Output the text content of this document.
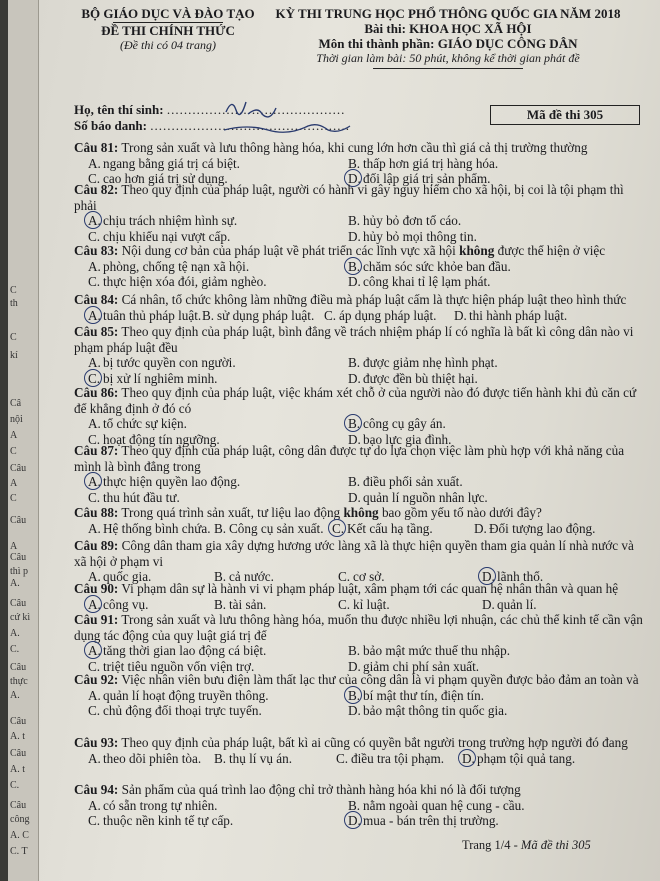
C
th
C
kí
Câ
nội
A
C
Câu
A
C
Câu
A
Câu
thì p
A.
Câu
cứ kì
A.
C.
Câu
thực
A.
Câu
A. t
Câu
A. t
C.
Câu
công
A. C
C. T
BỘ GIÁO DỤC VÀ ĐÀO TẠO
ĐỀ THI CHÍNH THỨC
(Đề thi có 04 trang)
KỲ THI TRUNG HỌC PHỔ THÔNG QUỐC GIA NĂM 2018
Bài thi: KHOA HỌC XÃ HỘI
Môn thi thành phần: GIÁO DỤC CÔNG DÂN
Thời gian làm bài: 50 phút, không kể thời gian phát đề
Họ, tên thí sinh: ..........................................
Số báo danh: ...............................................
Mã đề thi 305
Câu 81: Trong sản xuất và lưu thông hàng hóa, khi cung lớn hơn cầu thì giá cả thị trường thường
A. ngang bằng giá trị cá biệt.	B. thấp hơn giá trị hàng hóa.
C. cao hơn giá trị sử dụng.	D. đối lập giá trị sản phẩm.
Câu 82: Theo quy định của pháp luật, người có hành vi gây nguy hiểm cho xã hội, bị coi là tội phạm thì phải
A. chịu trách nhiệm hình sự.	B. hủy bỏ đơn tố cáo.
C. chịu khiếu nại vượt cấp.	D. hủy bỏ mọi thông tin.
Câu 83: Nội dung cơ bản của pháp luật về phát triển các lĩnh vực xã hội không được thể hiện ở việc
A. phòng, chống tệ nạn xã hội.	B. chăm sóc sức khỏe ban đầu.
C. thực hiện xóa đói, giảm nghèo.	D. công khai tỉ lệ lạm phát.
Câu 84: Cá nhân, tổ chức không làm những điều mà pháp luật cấm là thực hiện pháp luật theo hình thức
A. tuân thủ pháp luật. B. sử dụng pháp luật. C. áp dụng pháp luật. D. thi hành pháp luật.
Câu 85: Theo quy định của pháp luật, bình đẳng về trách nhiệm pháp lí có nghĩa là bất kì công dân nào vi phạm pháp luật đều
A. bị tước quyền con người.	B. được giảm nhẹ hình phạt.
C. bị xử lí nghiêm minh.	D. được đền bù thiệt hại.
Câu 86: Theo quy định của pháp luật, việc khám xét chỗ ở của người nào đó được tiến hành khi đủ căn cứ để khẳng định ở đó có
A. tổ chức sự kiện.	B. công cụ gây án.
C. hoạt động tín ngưỡng.	D. bạo lực gia đình.
Câu 87: Theo quy định của pháp luật, công dân được tự do lựa chọn việc làm phù hợp với khả năng của mình là bình đẳng trong
A. thực hiện quyền lao động.	B. điều phối sản xuất.
C. thu hút đầu tư.	D. quản lí nguồn nhân lực.
Câu 88: Trong quá trình sản xuất, tư liệu lao động không bao gồm yếu tố nào dưới đây?
A. Hệ thống bình chứa. B. Công cụ sản xuất. C. Kết cấu hạ tầng.	D. Đối tượng lao động.
Câu 89: Công dân tham gia xây dựng hương ước làng xã là thực hiện quyền tham gia quản lí nhà nước và xã hội ở phạm vi
A. quốc gia.	B. cả nước.	C. cơ sở.	D. lãnh thổ.
Câu 90: Vi phạm dân sự là hành vi vi phạm pháp luật, xâm phạm tới các quan hệ nhân thân và quan hệ
A. công vụ.	B. tài sản.	C. kỉ luật.	D. quản lí.
Câu 91: Trong sản xuất và lưu thông hàng hóa, muốn thu được nhiều lợi nhuận, các chủ thể kinh tế cần vận dụng tác động của quy luật giá trị để
A. tăng thời gian lao động cá biệt.	B. bảo mật mức thuế thu nhập.
C. triệt tiêu nguồn vốn viện trợ.	D. giảm chi phí sản xuất.
Câu 92: Việc nhân viên bưu điện làm thất lạc thư của công dân là vi phạm quyền được bảo đảm an toàn và
A. quản lí hoạt động truyền thông.	B. bí mật thư tín, điện tín.
C. chủ động đối thoại trực tuyến.	D. bảo mật thông tin quốc gia.
Câu 93: Theo quy định của pháp luật, bất kì ai cũng có quyền bắt người trong trường hợp người đó đang
A. theo dõi phiên tòa. B. thụ lí vụ án.	C. điều tra tội phạm. D. phạm tội quả tang.
Câu 94: Sản phẩm của quá trình lao động chỉ trở thành hàng hóa khi nó là đối tượng
A. có sẵn trong tự nhiên.	B. nằm ngoài quan hệ cung - cầu.
C. thuộc nền kinh tế tự cấp.	D. mua - bán trên thị trường.
Trang 1/4 - Mã đề thi 305
